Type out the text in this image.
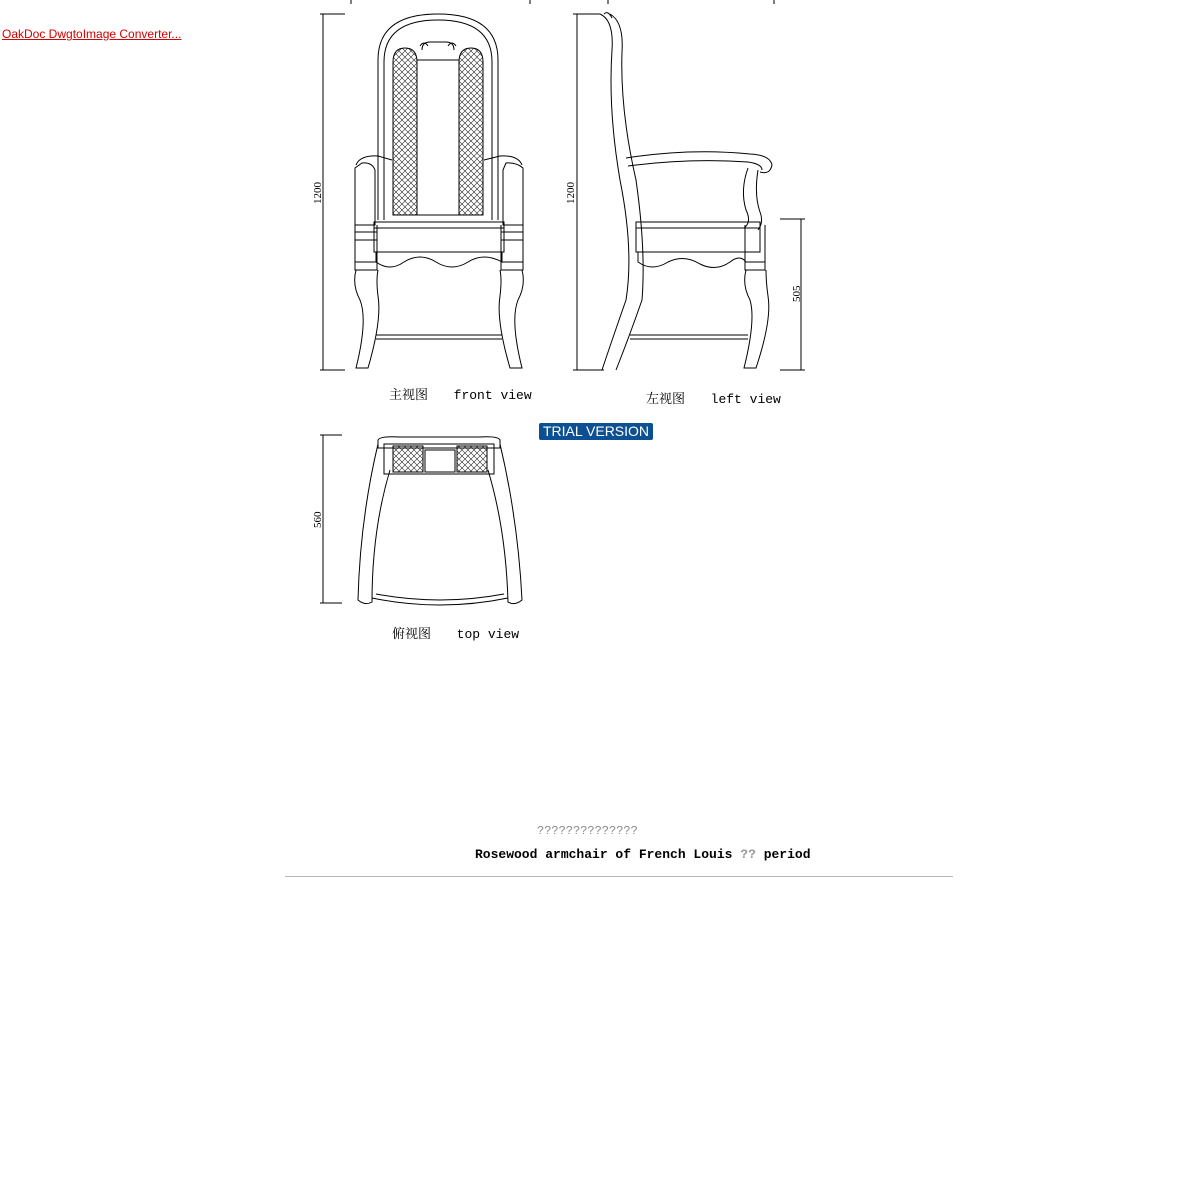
OakDoc DwgtoImage Converter...
1200	1200
505
560
主视图 front view	左视图 left view
俯视图 top view
TRIAL VERSION
??????????????
Rosewood armchair of French Louis ?? period
